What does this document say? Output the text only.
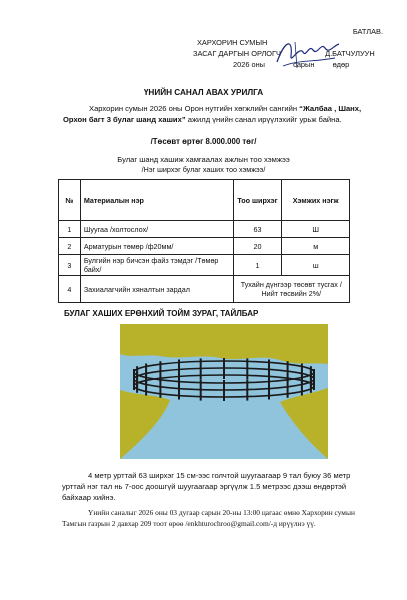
БАТЛАВ.
ХАРХОРИН СУМЫН
ЗАСАГ ДАРГЫН ОРЛОГЧ	Д.БАТЧУЛУУН
2026 оны	сарын өдөр
ҮНИЙН САНАЛ АВАХ УРИЛГА
Хархорин сумын 2026 оны Орон нутгийн хөгжлийн сангийн “Жалбаа , Шанх, Орхон багт 3 булаг шанд хаших” ажилд үнийн санал ирүүлэхийг урьж байна.
/Төсөвт өртөг 8.000.000 төг/
Булаг шанд хашиж хамгаалах ажлын тоо хэмжээ
/Нэг ширхэг булаг хаших тоо хэмжээ/
№	Материалын нэр	Тоо ширхэг	Хэмжих нэгж
1	Шуугаа /холтослох/	63	Ш
2	Арматурын төмөр /ф20мм/	20	м
3	Булгийн нэр бичсэн файз тэмдэг /Төмөр байх/	1	ш
4	Захиалагчийн хяналтын зардал	Тухайн дүнгээр төсөвт тусгах /Нийт төсвийн 2%/	
БУЛАГ ХАШИХ ЕРӨНХИЙ ТОЙМ ЗУРАГ, ТАЙЛБАР
4 метр урттай 63 ширхэг 15 см-ээс голчтой шуугаагаар 9 тал буюу 36 метр урттай нэг тал нь 7-оос доошгүй шуугаагаар эргүүлж 1.5 метрээс дээш өндөртэй байхаар хийнэ.
Үнийн саналыг 2026 оны 03 дугаар сарын 20-ны 13:00 цагаас өмнө Хархорин сумын Тамгын газрын 2 давхар 209 тоот өрөө /enkhturochroo@gmail.com/-д ирүүлнэ үү.
